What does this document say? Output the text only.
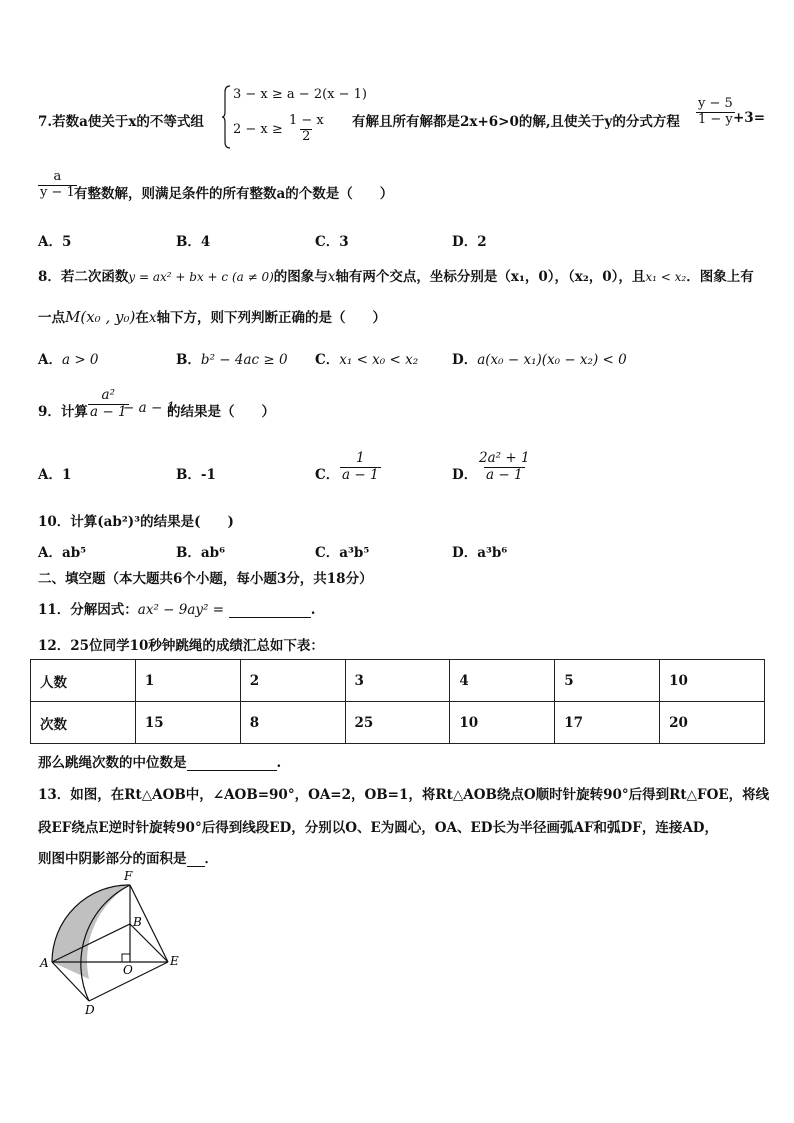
7.若数a使关于x的不等式组
3 − x ≥ a − 2(x − 1)
$2 - x \ge \frac{1 - x}{2}$ 有解且所有解都是2x+6>0的解,且使关于y的分式方程 $\frac{y - 5}{1 - y}$
+3=
$\frac{a}{y - 1}$
有整数解，则满足条件的所有整数a的个数是（　　）
A．5	B．4	C．3	D．2
8．若二次函数y = ax² + bx + c (a ≠ 0)的图象与x轴有两个交点，坐标分别是（x₁，0），（x₂，0），且x₁ < x₂．图象上有
一点M(x₀ , y₀)在x轴下方，则下列判断正确的是（　　）
A．a > 0	B．b² − 4ac ≥ 0 C．x₁ < x₀ < x₂	D．a(x₀ − x₁)(x₀ − x₂) < 0
9．计算 $\frac{\text{a²}}{a - 1}$
− a − 1
的结果是（　　）
A．1	B．-1	C． $\frac{1}{a - 1}$	D． $\frac{\text{2a² + 1}}{a - 1}$
10．计算(ab²)³的结果是(　　)
A．ab⁵	B．ab⁶	C．a³b⁵	D．a³b⁶
二、填空题（本大题共6个小题，每小题3分，共18分）
11．分解因式：ax² − 9ay² =	.
12．25位同学10秒钟跳绳的成绩汇总如下表：
人数	1	2	3	4	5	10
次数	15	8	25	10	17	20
那么跳绳次数的中位数是	.
13．如图，在Rt△AOB中，∠AOB=90°，OA=2，OB=1，将Rt△AOB绕点O顺时针旋转90°后得到Rt△FOE，将线
段EF绕点E逆时针旋转90°后得到线段ED，分别以O、E为圆心，OA、ED长为半径画弧AF和弧DF，连接AD，
则图中阴影部分的面积是 ．
F
B
A	O
E
D
